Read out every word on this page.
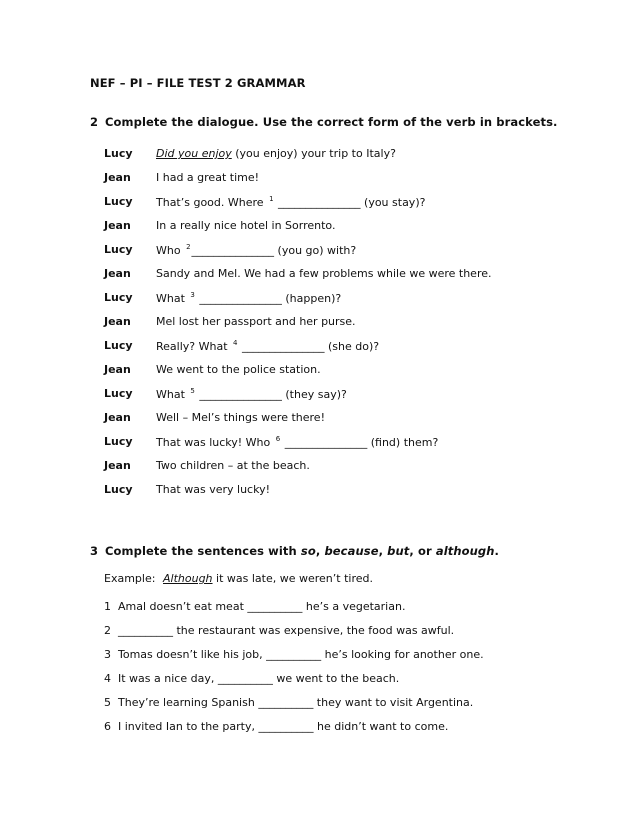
NEF – PI – FILE TEST 2 GRAMMAR
2 Complete the dialogue. Use the correct form of the verb in brackets.
Lucy Did you enjoy (you enjoy) your trip to Italy?
Jean I had a great time!
Lucy That’s good. Where $^1$ _______________ (you stay)?
Jean In a really nice hotel in Sorrento.
Lucy Who $^2$_______________ (you go) with?
Jean Sandy and Mel. We had a few problems while we were there.
Lucy What $^3$ _______________ (happen)?
Jean Mel lost her passport and her purse.
Lucy Really? What $^4$ _______________ (she do)?
Jean We went to the police station.
Lucy What $^5$ _______________ (they say)?
Jean Well – Mel’s things were there!
Lucy That was lucky! Who $^6$ _______________ (find) them?
Jean Two children – at the beach.
Lucy That was very lucky!
3 Complete the sentences with so, because, but, or although.
Example: Although it was late, we weren’t tired.
1 Amal doesn’t eat meat __________ he’s a vegetarian.
2 __________ the restaurant was expensive, the food was awful.
3 Tomas doesn’t like his job, __________ he’s looking for another one.
4 It was a nice day, __________ we went to the beach.
5 They’re learning Spanish __________ they want to visit Argentina.
6 I invited Ian to the party, __________ he didn’t want to come.
